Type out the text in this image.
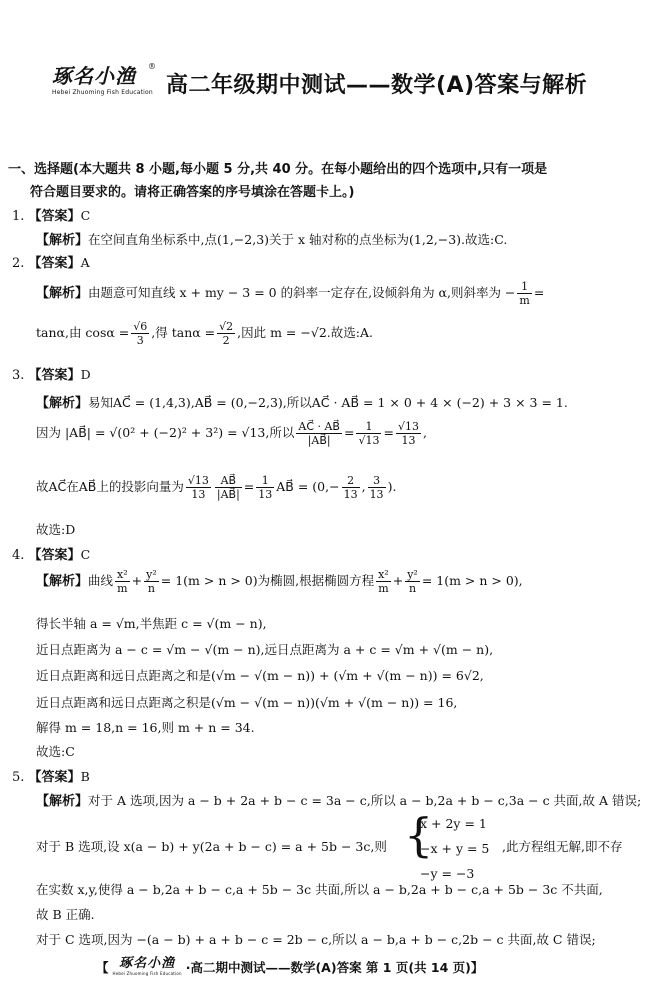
琢名小渔
Hebei Zhuoming Fish Education
®
高二年级期中测试——数学(A)答案与解析
一、选择题(本大题共 8 小题,每小题 5 分,共 40 分。在每小题给出的四个选项中,只有一项是
符合题目要求的。请将正确答案的序号填涂在答题卡上。)
1. 【答案】C
【解析】在空间直角坐标系中,点(1,−2,3)关于 x 轴对称的点坐标为(1,2,−3).故选:C.
2. 【答案】A
【解析】由题意可知直线 x + my − 3 = 0 的斜率一定存在,设倾斜角为 α,则斜率为 − $\frac{1}{m}$ =
tanα,由 $\cos\alpha = \frac{√6}{3}$ ,得 $\tan\alpha = \frac{√2}{2}$ ,因此 m = −√2.故选:A.
3. 【答案】D
【解析】易知AC⃗ = (1,4,3),AB⃗ = (0,−2,3),所以AC⃗ · AB⃗ = 1 × 0 + 4 × (−2) + 3 × 3 = 1.
因为 |AB⃗| = √(0² + (−2)² + 3²) = √13,所以 $\frac{AC⃗ \cdot AB⃗}{|AB⃗|} = \frac{1}{√13} = \frac{√13}{13}$ ,
故AC⃗在AB⃗上的投影向量为 $\frac{√13}{13} \frac{AB⃗}{|AB⃗|} = \frac{1}{13}$ AB⃗ = ($0,- \frac{2}{13}$ , $\frac{3}{13}$ ).
故选:D
4. 【答案】C
【解析】曲线 $\frac{\text{x²}}{m} + \frac{\text{y²}}{n} = 1(m > n > 0)$为椭圆,根据椭圆方程 $\frac{\text{x²}}{m} + \frac{\text{y²}}{n} = 1(m > n > 0)$,
得长半轴 a = √m,半焦距 c = √(m − n),
近日点距离为 a − c = √m − √(m − n),远日点距离为 a + c = √m + √(m − n),
近日点距离和远日点距离之和是(√m − √(m − n)) + (√m + √(m − n)) = 6√2,
近日点距离和远日点距离之积是(√m − √(m − n))(√m + √(m − n)) = 16,
解得 m = 18,n = 16,则 m + n = 34.
故选:C
5. 【答案】B
【解析】对于 A 选项,因为 a − b + 2a + b − c = 3a − c,所以 a − b,2a + b − c,3a − c 共面,故 A 错误;
对于 B 选项,设 x(a − b) + y(2a + b − c) = a + 5b − 3c,则 {
x + 2y = 1
−x + y = 5
−y = −3
,此方程组无解,即不存
在实数 x,y,使得 a − b,2a + b − c,a + 5b − 3c 共面,所以 a − b,2a + b − c,a + 5b − 3c 不共面,
故 B 正确.
对于 C 选项,因为 −(a − b) + a + b − c = 2b − c,所以 a − b,a + b − c,2b − c 共面,故 C 错误;
【 琢名小渔
Hebei Zhuoming Fish Education ·高二期中测试——数学(A)答案 第 1 页(共 14 页) 】
